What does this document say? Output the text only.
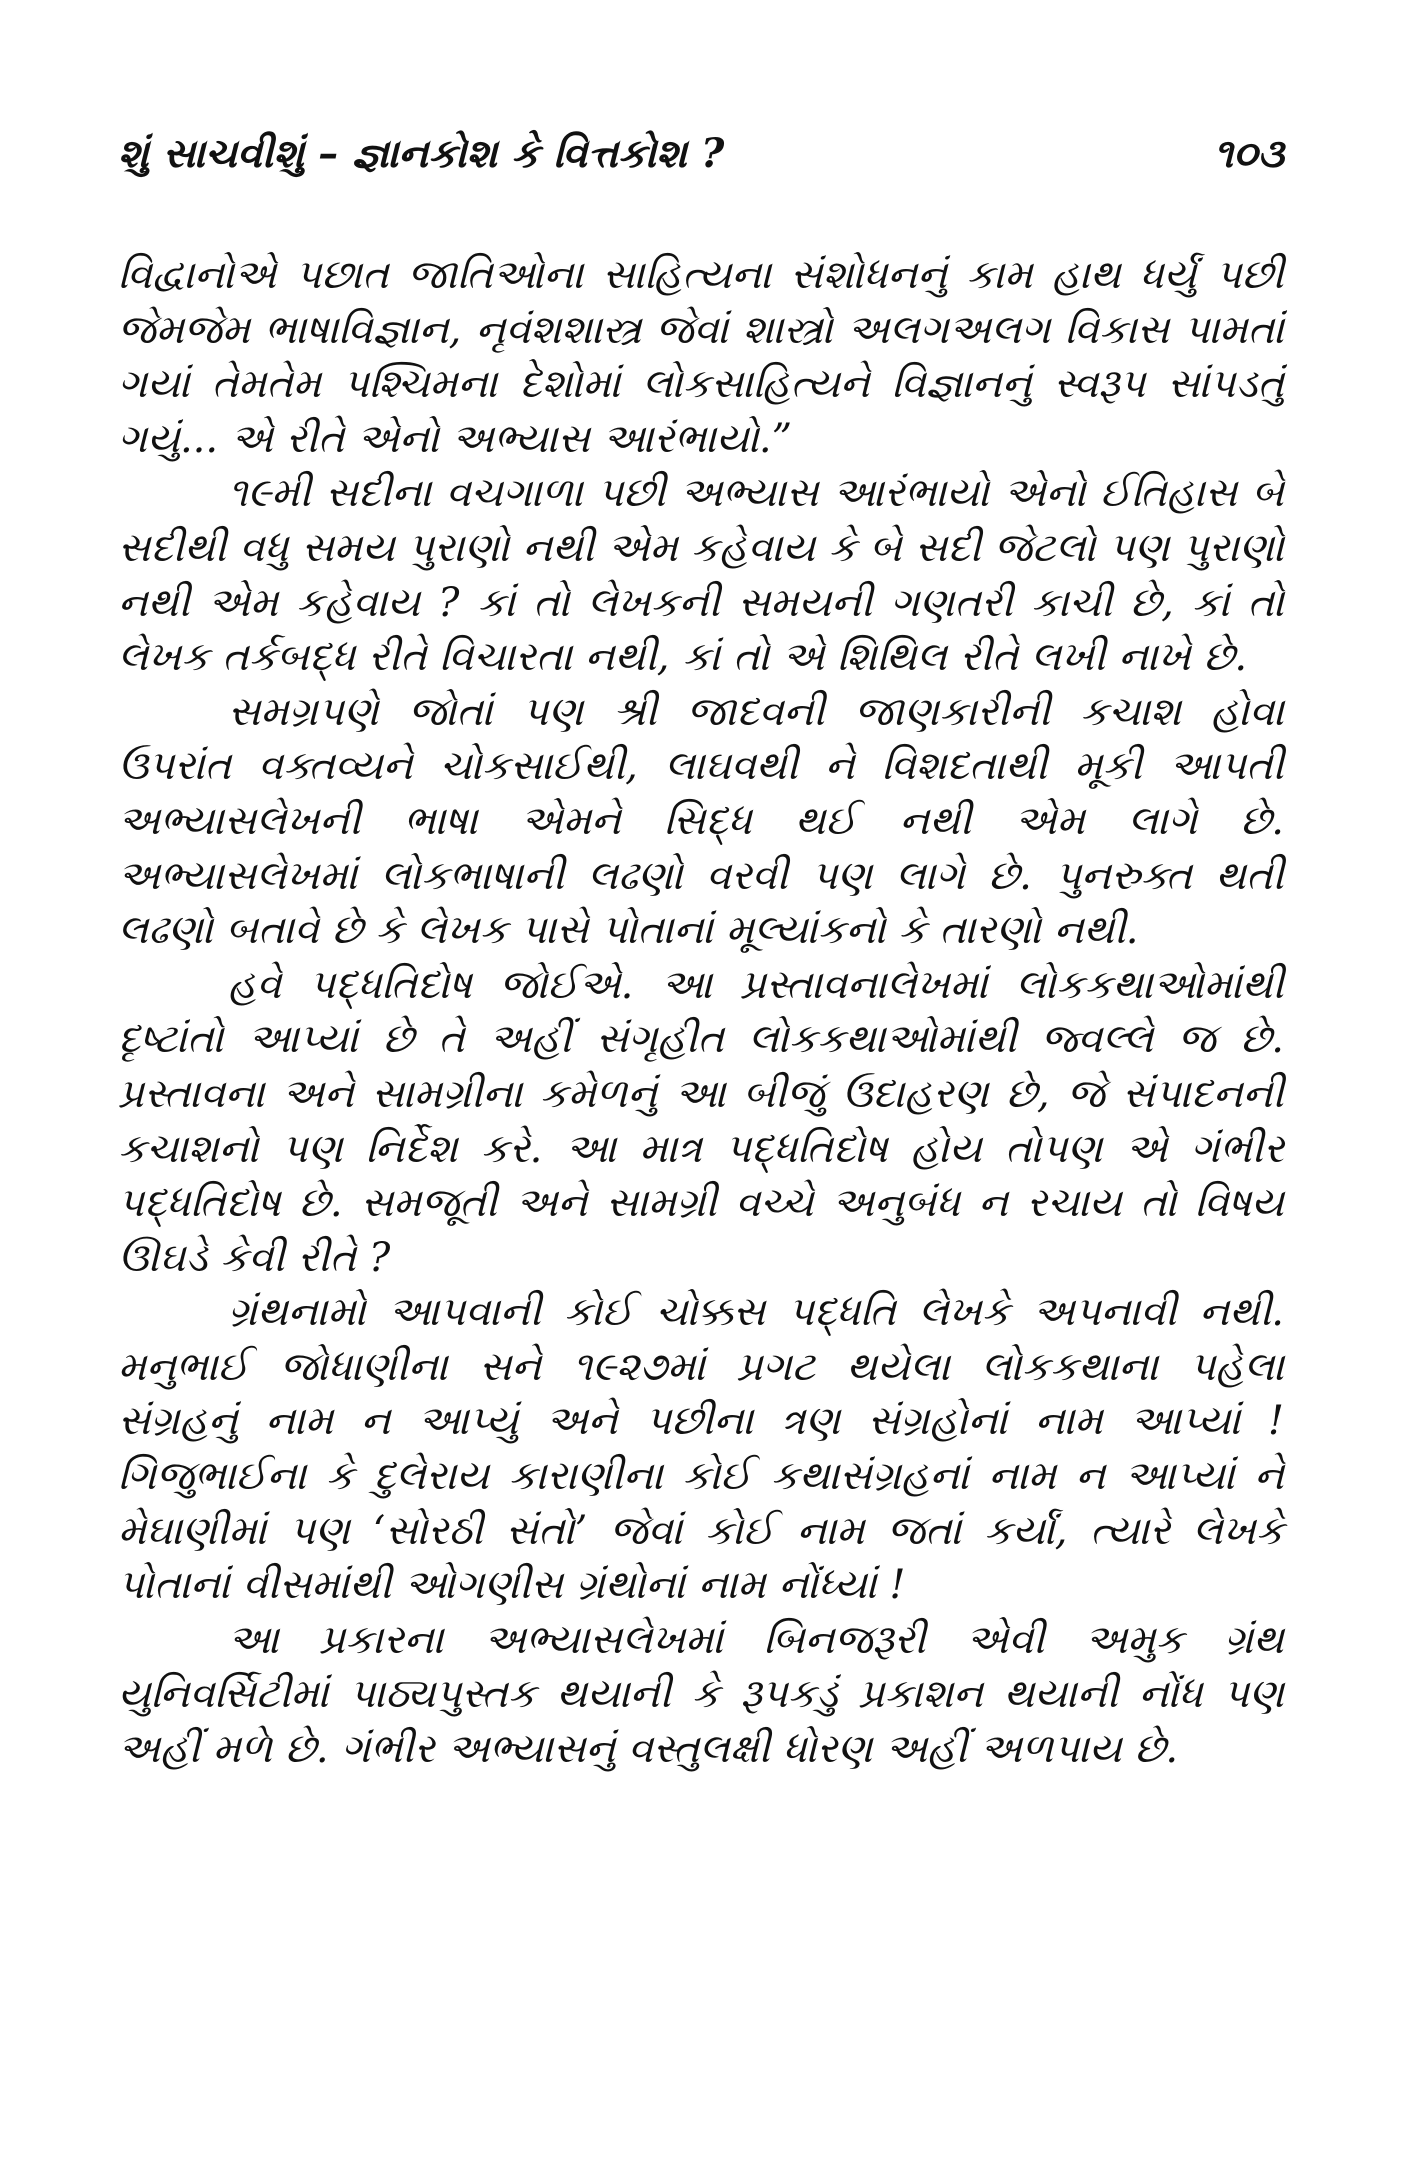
શું સાચવીશું – જ્ઞાનકોશ કે વિત્તકોશ ?	૧૦૩

વિદ્વાનોએ પછાત જાતિઓના સાહિત્યના સંશોધનનું કામ હાથ ધર્યું પછી જેમજેમ ભાષાવિજ્ઞાન, નૃવંશશાસ્ત્ર જેવાં શાસ્ત્રો અલગઅલગ વિકાસ પામતાં ગયાં તેમતેમ પશ્ચિમના દેશોમાં લોકસાહિત્યને વિજ્ઞાનનું સ્વરૂપ સાંપડતું ગયું... એ રીતે એનો અભ્યાસ આરંભાયો.”

૧૯મી સદીના વચગાળા પછી અભ્યાસ આરંભાયો એનો ઈતિહાસ બે સદીથી વધુ સમય પુરાણો નથી એમ કહેવાય કે બે સદી જેટલો પણ પુરાણો નથી એમ કહેવાય ? કાં તો લેખકની સમયની ગણતરી કાચી છે, કાં તો લેખક તર્કબદ્ધ રીતે વિચારતા નથી, કાં તો એ શિથિલ રીતે લખી નાખે છે.

સમગ્રપણે જોતાં પણ શ્રી જાદવની જાણકારીની કચાશ હોવા ઉપરાંત વક્તવ્યને ચોકસાઈથી, લાઘવથી ને વિશદતાથી મૂકી આપતી અભ્યાસલેખની ભાષા એમને સિદ્ધ થઈ નથી એમ લાગે છે. અભ્યાસલેખમાં લોકભાષાની લઢણો વરવી પણ લાગે છે. પુનરુક્ત થતી લઢણો બતાવે છે કે લેખક પાસે પોતાનાં મૂલ્યાંકનો કે તારણો નથી.

હવે પદ્ધતિદોષ જોઈએ. આ પ્રસ્તાવનાલેખમાં લોકકથાઓમાંથી દૃષ્ટાંતો આપ્યાં છે તે અહીં સંગૃહીત લોકકથાઓમાંથી જ્વલ્લે જ છે. પ્રસ્તાવના અને સામગ્રીના કમેળનું આ બીજું ઉદાહરણ છે, જે સંપાદનની કચાશનો પણ નિર્દેશ કરે. આ માત્ર પદ્ધતિદોષ હોય તોપણ એ ગંભીર પદ્ધતિદોષ છે. સમજૂતી અને સામગ્રી વચ્ચે અનુબંધ ન રચાય તો વિષય ઊઘડે કેવી રીતે ?

ગ્રંથનામો આપવાની કોઈ ચોક્કસ પદ્ધતિ લેખકે અપનાવી નથી. મનુભાઈ જોધાણીના સને ૧૯૨૭માં પ્રગટ થયેલા લોકકથાના પહેલા સંગ્રહનું નામ ન આપ્યું અને પછીના ત્રણ સંગ્રહોનાં નામ આપ્યાં ! ગિજુભાઈના કે દુલેરાય કારાણીના કોઈ કથાસંગ્રહનાં નામ ન આપ્યાં ને મેઘાણીમાં પણ ‘સોરઠી સંતો’ જેવાં કોઈ નામ જતાં કર્યાં, ત્યારે લેખકે પોતાનાં વીસમાંથી ઓગણીસ ગ્રંથોનાં નામ નોંધ્યાં !

આ પ્રકારના અભ્યાસલેખમાં બિનજરૂરી એવી અમુક ગ્રંથ યુનિવર્સિટીમાં પાઠ્યપુસ્તક થયાની કે રૂપકડું પ્રકાશન થયાની નોંધ પણ અહીં મળે છે. ગંભીર અભ્યાસનું વસ્તુલક્ષી ધોરણ અહીં અળપાય છે.
